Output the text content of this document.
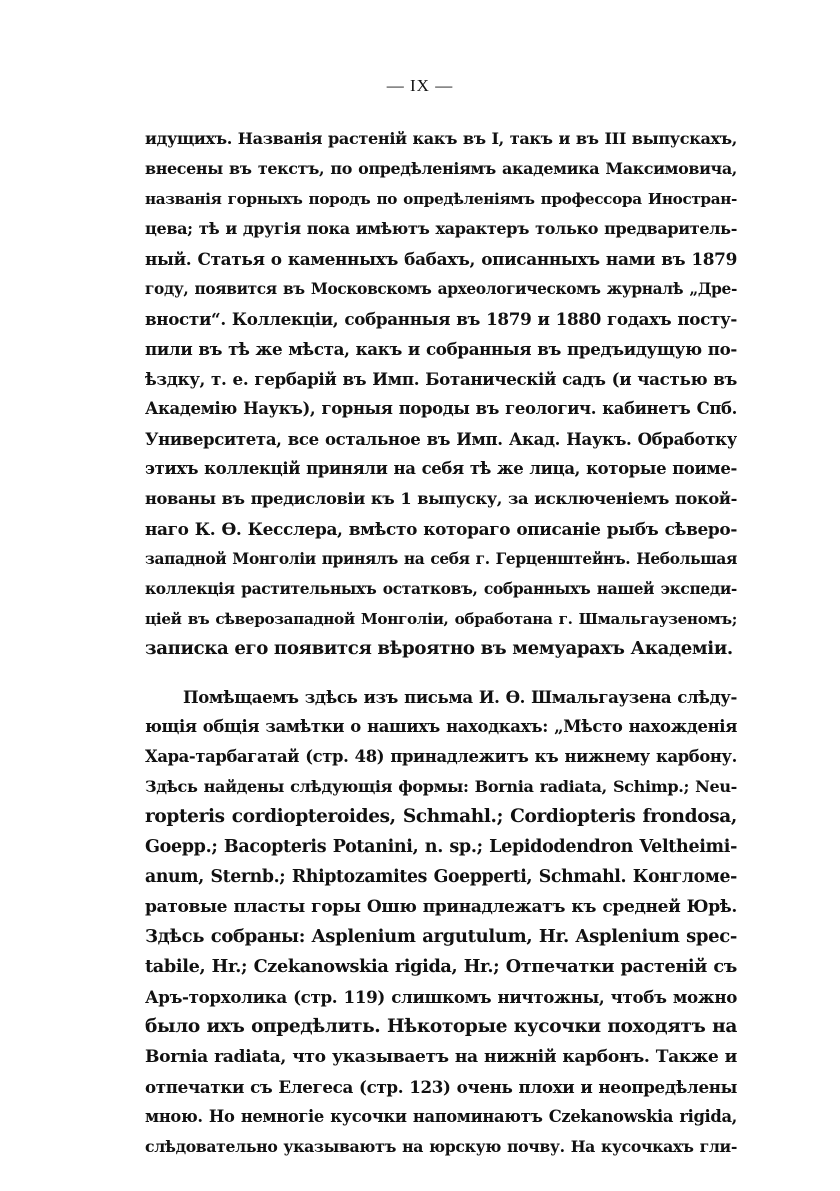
— IX —
идущихъ. Названія растеній какъ въ I, такъ и въ III выпускахъ,
внесены въ текстъ, по опредѣленіямъ академика Максимовича,
названія горныхъ породъ по опредѣленіямъ профессора Иностран-
цева; тѣ и другія пока имѣютъ характеръ только предваритель-
ный. Статья о каменныхъ бабахъ, описанныхъ нами въ 1879
году, появится въ Московскомъ археологическомъ журналѣ „Дре-
вности“. Коллекціи, собранныя въ 1879 и 1880 годахъ посту-
пили въ тѣ же мѣста, какъ и собранныя въ предъидущую по-
ѣздку, т. е. гербарій въ Имп. Ботаническій садъ (и частью въ
Академію Наукъ), горныя породы въ геологич. кабинетъ Спб.
Университета, все остальное въ Имп. Акад. Наукъ. Обработку
этихъ коллекцій приняли на себя тѣ же лица, которые поиме-
нованы въ предисловіи къ 1 выпуску, за исключеніемъ покой-
наго К. Ѳ. Кесслера, вмѣсто котораго описаніе рыбъ сѣверо-
западной Монголіи принялъ на себя г. Герценштейнъ. Небольшая
коллекція растительныхъ остатковъ, собранныхъ нашей экспеди-
ціей въ сѣверозападной Монголіи, обработана г. Шмальгаузеномъ;
записка его появится вѣроятно въ мемуарахъ Академіи.
Помѣщаемъ здѣсь изъ письма И. Ѳ. Шмальгаузена слѣду-
ющія общія замѣтки о нашихъ находкахъ: „Мѣсто нахожденія
Хара-тарбагатай (стр. 48) принадлежитъ къ нижнему карбону.
Здѣсь найдены слѣдующія формы: Bornia radiata, Schimp.; Neu-
ropteris cordiopteroides, Schmahl.; Cordiopteris frondosa,
Goepp.; Bacopteris Potanini, n. sp.; Lepidodendron Veltheimi-
anum, Sternb.; Rhiptozamites Goepperti, Schmahl. Конгломе-
ратовые пласты горы Ошю принадлежатъ къ средней Юрѣ.
Здѣсь собраны: Asplenium argutulum, Hr. Asplenium spec-
tabile, Hr.; Czekanowskia rigida, Hr.; Отпечатки растеній съ
Аръ-торхолика (стр. 119) слишкомъ ничтожны, чтобъ можно
было ихъ опредѣлить. Нѣкоторые кусочки походятъ на
Bornia radiata, что указываетъ на нижній карбонъ. Также и
отпечатки съ Елегеса (стр. 123) очень плохи и неопредѣлены
мною. Но немногіе кусочки напоминаютъ Czekanowskia rigida,
слѣдовательно указываютъ на юрскую почву. На кусочкахъ гли-
